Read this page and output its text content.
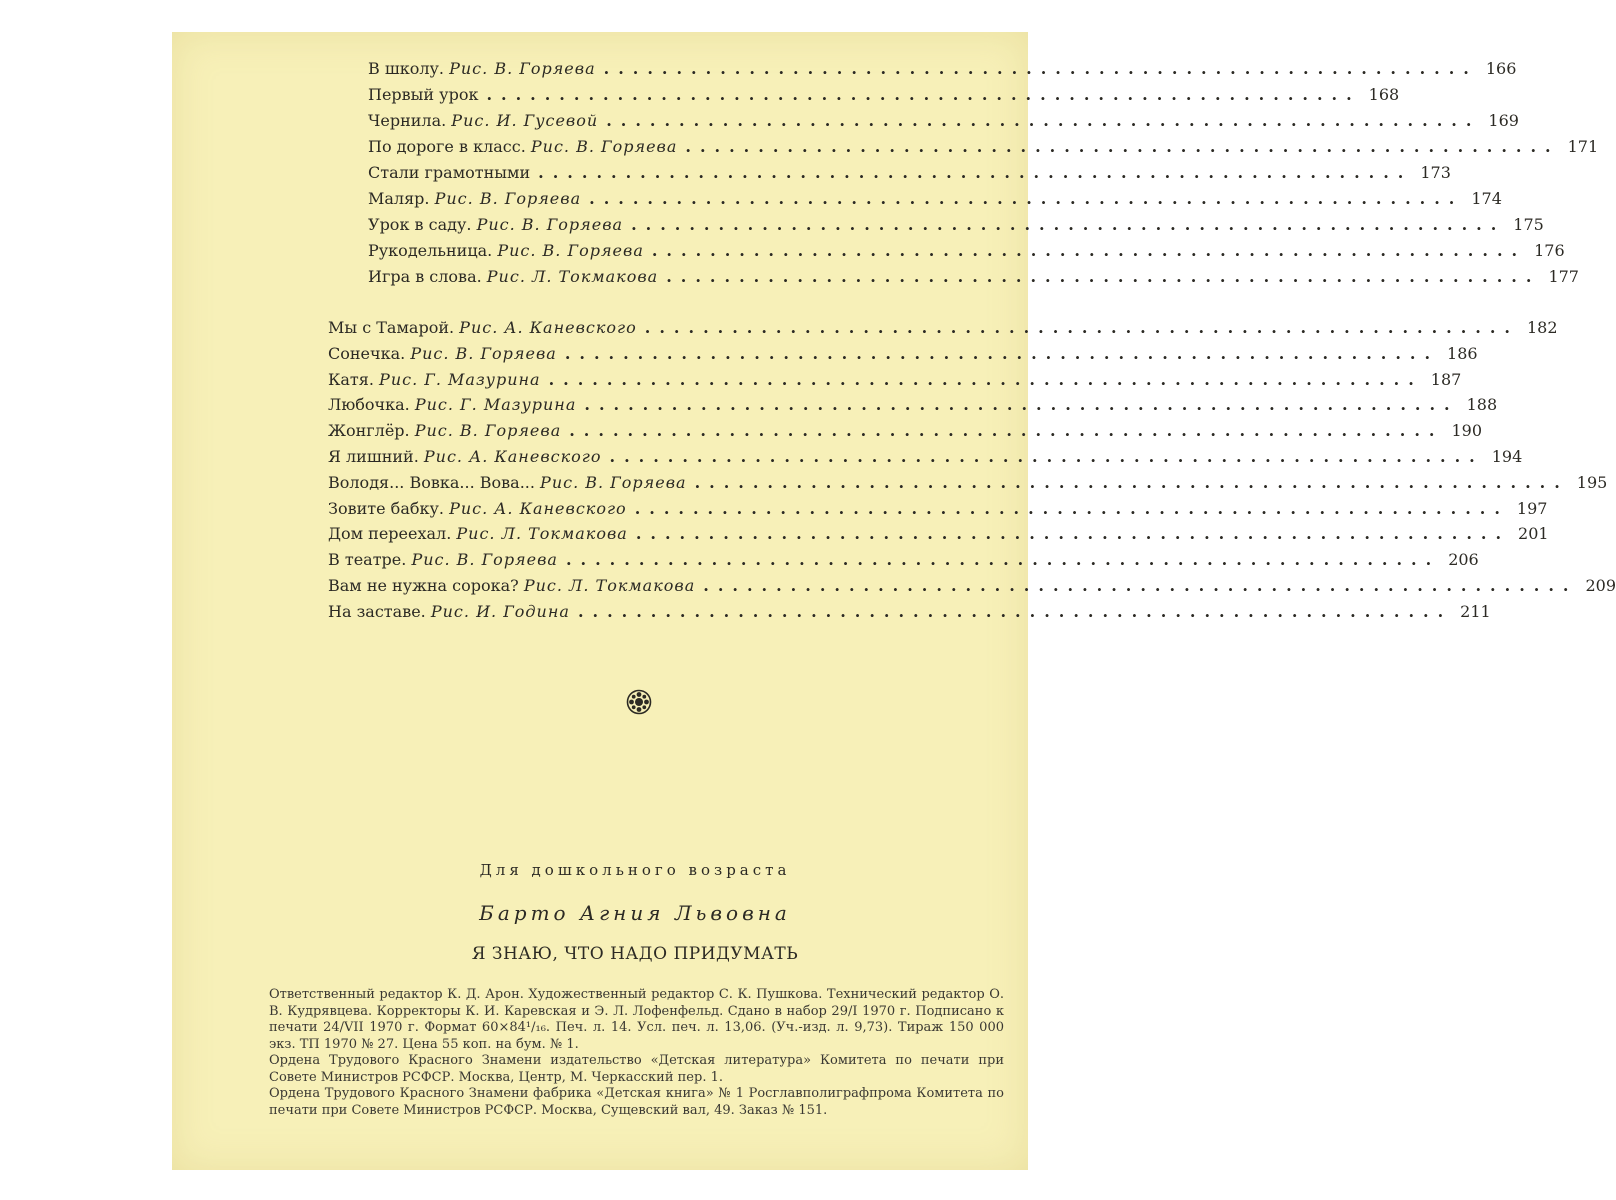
В школу.
Рис. В. Горяева ............................................................ 166
Первый урок ............................................................ 168
Чернила.
Рис. И. Гусевой ............................................................ 169
По дороге в класс.
Рис. В. Горяева ............................................................ 171
Стали грамотными ............................................................ 173
Маляр.
Рис. В. Горяева ............................................................ 174
Урок в саду.
Рис. В. Горяева ............................................................ 175
Рукодельница.
Рис. В. Горяева ............................................................ 176
Игра в слова.
Рис. Л. Токмакова ............................................................ 177
Мы с Тамарой.
Рис. А. Каневского ............................................................ 182
Сонечка.
Рис. В. Горяева ............................................................ 186
Катя.
Рис. Г. Мазурина ............................................................ 187
Любочка.
Рис. Г. Мазурина ............................................................ 188
Жонглёр.
Рис. В. Горяева ............................................................ 190
Я лишний.
Рис. А. Каневского ............................................................ 194
Володя... Вовка... Вова...
Рис. В. Горяева ............................................................ 195
Зовите бабку.
Рис. А. Каневского ............................................................ 197
Дом переехал.
Рис. Л. Токмакова ............................................................ 201
В театре.
Рис. В. Горяева ............................................................ 206
Вам не нужна сорока?
Рис. Л. Токмакова ............................................................ 209
На заставе.
Рис. И. Година ............................................................ 211
Для дошкольного возраста
Барто Агния Львовна
Я ЗНАЮ, ЧТО НАДО ПРИДУМАТЬ

Ответственный редактор К. Д. Арон. Художественный редактор С. К. Пушкова. Технический редактор О. В. Кудрявцева. Корректоры К. И. Каревская и Э. Л. Лофенфельд. Сдано в набор 29/I 1970 г. Подписано к печати 24/VII 1970 г. Формат 60×84¹/₁₆. Печ. л. 14. Усл. печ. л. 13,06. (Уч.-изд. л. 9,73). Тираж 150 000 экз. ТП 1970 № 27. Цена 55 коп. на бум. № 1.

Ордена Трудового Красного Знамени издательство «Детская литература» Комитета по печати при Совете Министров РСФСР. Москва, Центр, М. Черкасский пер. 1.

Ордена Трудового Красного Знамени фабрика «Детская книга» № 1 Росглавполиграфпрома Комитета по печати при Совете Министров РСФСР. Москва, Сущевский вал, 49. Заказ № 151.
